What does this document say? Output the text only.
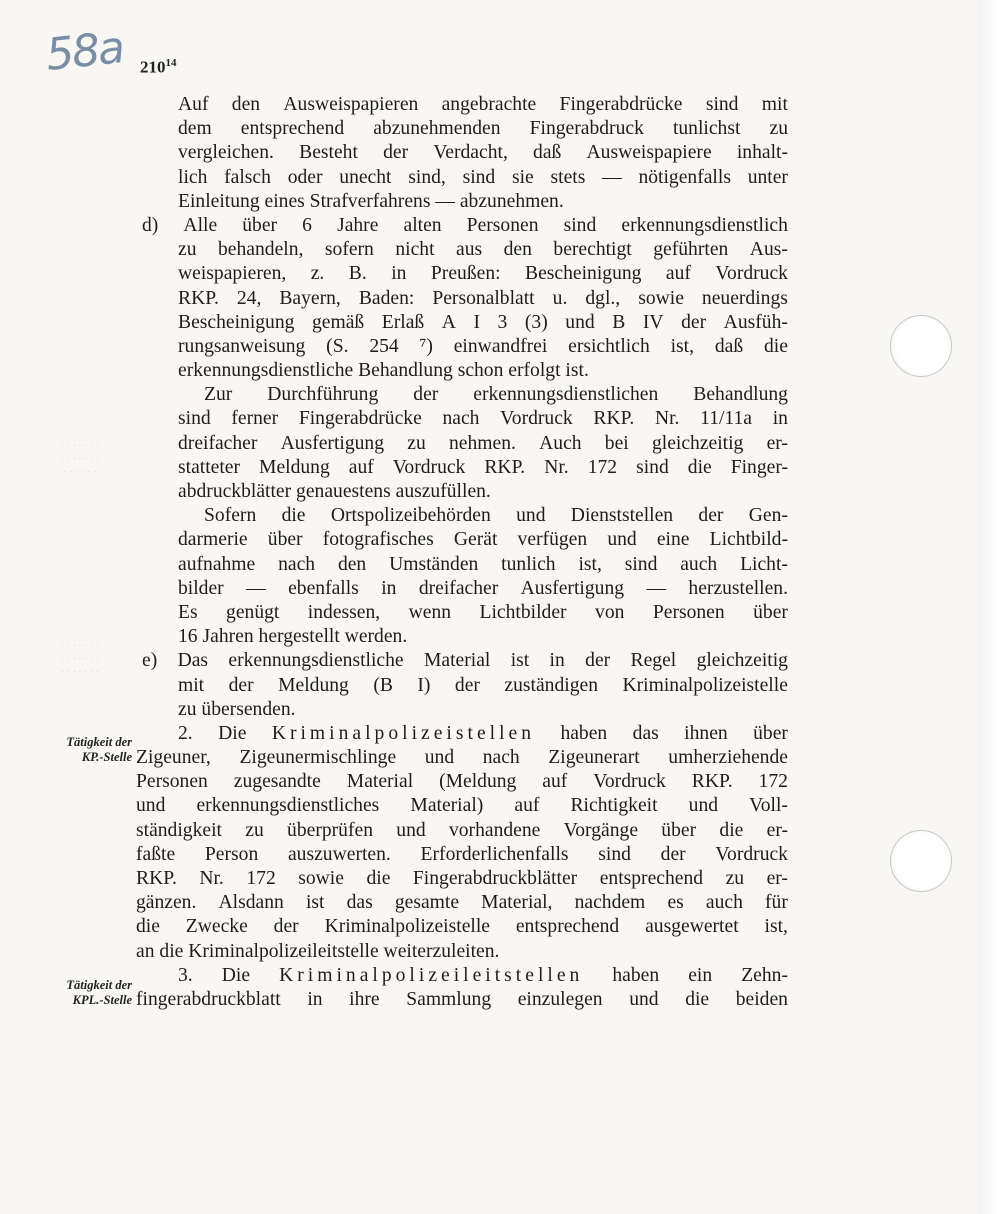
58a $210^{14}$
· · · · · · ·
· · · · · · ·
· · · · · ·
· · · · · · ·
· · · · · · ·
· · · · · · ·
Tätigkeit der
KP.-Stelle
Tätigkeit der
KPL.-Stelle
Auf den Ausweispapieren angebrachte Fingerabdrücke sind mit
dem entsprechend abzunehmenden Fingerabdruck tunlichst zu
vergleichen. Besteht der Verdacht, daß Ausweispapiere inhalt-
lich falsch oder unecht sind, sind sie stets — nötigenfalls unter
Einleitung eines Strafverfahrens — abzunehmen.
d) Alle über 6 Jahre alten Personen sind erkennungsdienstlich
zu behandeln, sofern nicht aus den berechtigt geführten Aus-
weispapieren, z. B. in Preußen: Bescheinigung auf Vordruck
RKP. 24, Bayern, Baden: Personalblatt u. dgl., sowie neuerdings
Bescheinigung gemäß Erlaß A I 3 (3) und B IV der Ausfüh-
rungsanweisung (S. 254 ⁷) einwandfrei ersichtlich ist, daß die
erkennungsdienstliche Behandlung schon erfolgt ist.
Zur Durchführung der erkennungsdienstlichen Behandlung
sind ferner Fingerabdrücke nach Vordruck RKP. Nr. 11/11a in
dreifacher Ausfertigung zu nehmen. Auch bei gleichzeitig er-
statteter Meldung auf Vordruck RKP. Nr. 172 sind die Finger-
abdruckblätter genauestens auszufüllen.
Sofern die Ortspolizeibehörden und Dienststellen der Gen-
darmerie über fotografisches Gerät verfügen und eine Lichtbild-
aufnahme nach den Umständen tunlich ist, sind auch Licht-
bilder — ebenfalls in dreifacher Ausfertigung — herzustellen.
Es genügt indessen, wenn Lichtbilder von Personen über
16 Jahren hergestellt werden.
e) Das erkennungsdienstliche Material ist in der Regel gleichzeitig
mit der Meldung (B I) der zuständigen Kriminalpolizeistelle
zu übersenden.
2. Die Kriminalpolizeistellen haben das ihnen über
Zigeuner, Zigeunermischlinge und nach Zigeunerart umherziehende
Personen zugesandte Material (Meldung auf Vordruck RKP. 172
und erkennungsdienstliches Material) auf Richtigkeit und Voll-
ständigkeit zu überprüfen und vorhandene Vorgänge über die er-
faßte Person auszuwerten. Erforderlichenfalls sind der Vordruck
RKP. Nr. 172 sowie die Fingerabdruckblätter entsprechend zu er-
gänzen. Alsdann ist das gesamte Material, nachdem es auch für
die Zwecke der Kriminalpolizeistelle entsprechend ausgewertet ist,
an die Kriminalpolizeileitstelle weiterzuleiten.
3. Die Kriminalpolizeileitstellen haben ein Zehn-
fingerabdruckblatt in ihre Sammlung einzulegen und die beiden
